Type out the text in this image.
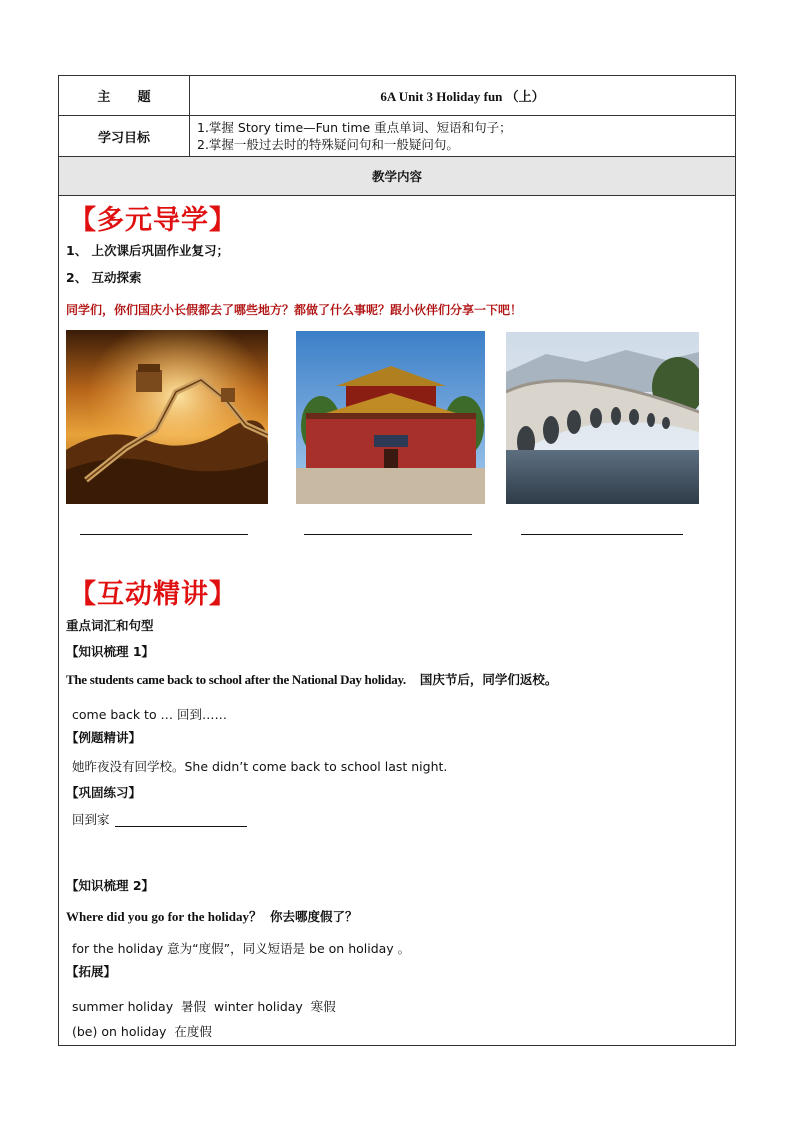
主      题	6A Unit 3 Holiday fun （上）
学习目标
1.掌握 Story time—Fun time 重点单词、短语和句子；
2.掌握一般过去时的特殊疑问句和一般疑问句。
教学内容
【多元导学】
1、 上次课后巩固作业复习；
2、 互动探索
同学们，你们国庆小长假都去了哪些地方？都做了什么事呢？跟小伙伴们分享一下吧！
【互动精讲】
重点词汇和句型
【知识梳理 1】
The students came back to school after the National Day holiday. 国庆节后，同学们返校。
come back to … 回到……
【例题精讲】
她昨夜没有回学校。She didn’t come back to school last night.
【巩固练习】
回到家
【知识梳理 2】
Where did you go for the holiday？ 你去哪度假了？
for the holiday 意为“度假”，同义短语是 be on holiday 。
【拓展】
summer holiday  暑假  winter holiday  寒假
(be) on holiday  在度假
